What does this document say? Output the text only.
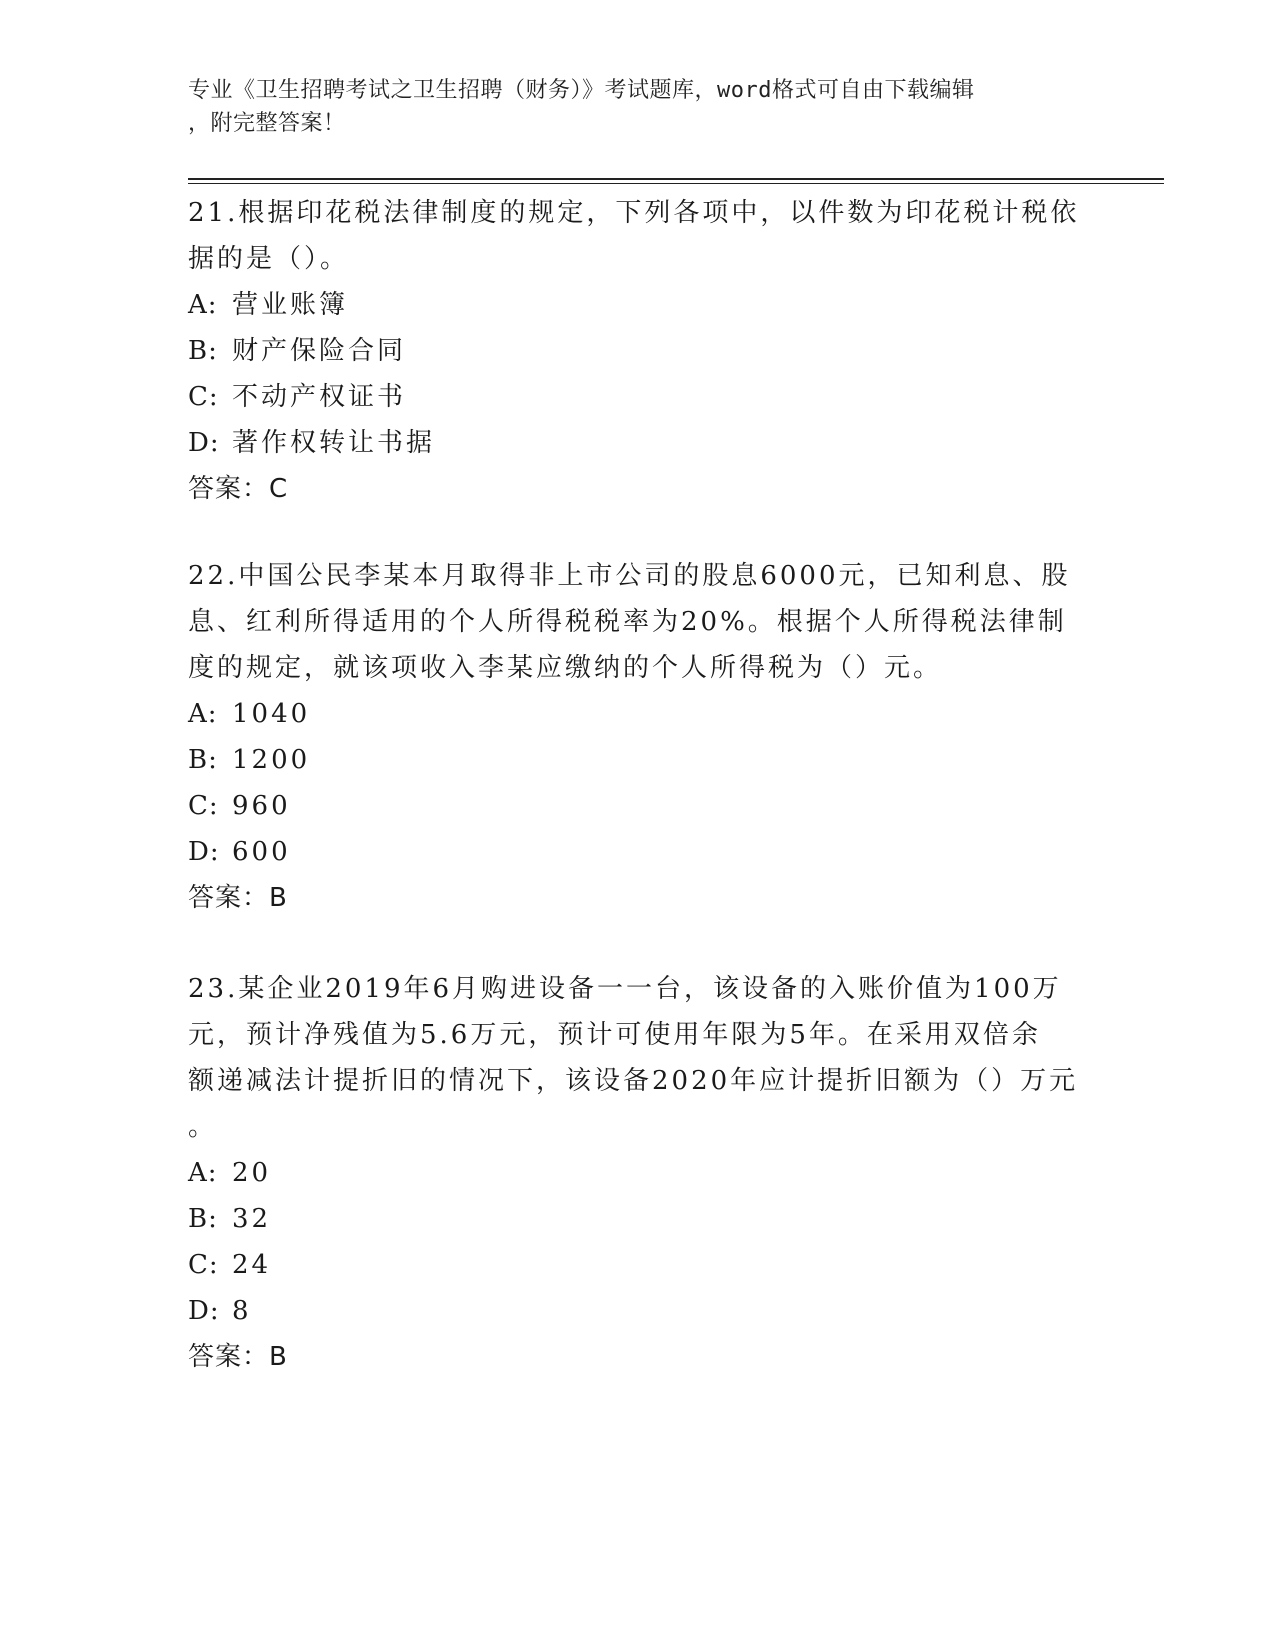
专业《卫生招聘考试之卫生招聘（财务）》考试题库，word格式可自由下载编辑
，附完整答案！
21.根据印花税法律制度的规定，下列各项中，以件数为印花税计税依
据的是（）。
A: 营业账簿
B: 财产保险合同
C: 不动产权证书
D: 著作权转让书据
答案：C
22.中国公民李某本月取得非上市公司的股息6000元，已知利息、股
息、红利所得适用的个人所得税税率为20%。根据个人所得税法律制
度的规定，就该项收入李某应缴纳的个人所得税为（）元。
A: 1040
B: 1200
C: 960
D: 600
答案：B
23.某企业2019年6月购进设备一一台，该设备的入账价值为100万
元，预计净残值为5.6万元，预计可使用年限为5年。在采用双倍余
额递减法计提折旧的情况下，该设备2020年应计提折旧额为（）万元
。
A: 20
B: 32
C: 24
D: 8
答案：B
